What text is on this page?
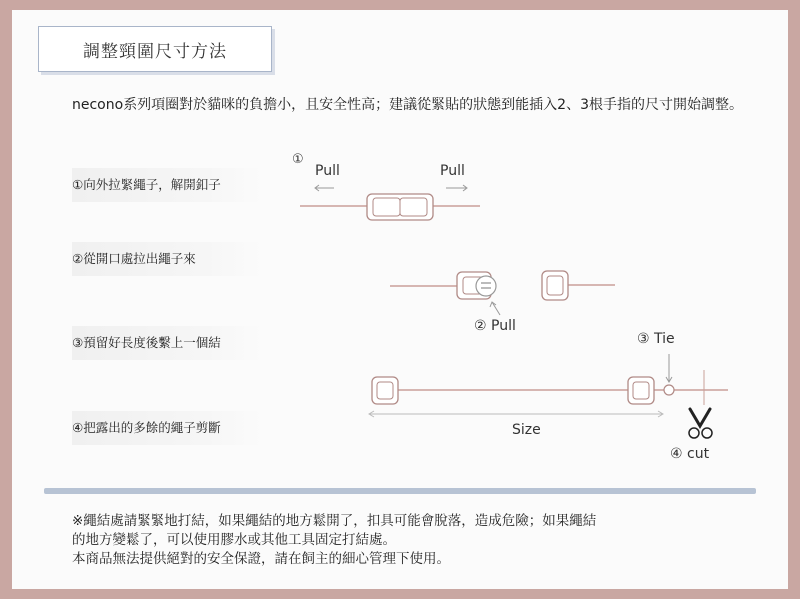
調整頸圍尺寸方法
necono系列項圈對於貓咪的負擔小，且安全性高；建議從緊貼的狀態到能插入2、3根手指的尺寸開始調整。
①向外拉緊繩子，解開釦子
②從開口處拉出繩子來
③預留好長度後繫上一個結
④把露出的多餘的繩子剪斷
①
Pull	Pull
② Pull
③ Tie
Size
④ cut
※繩結處請緊緊地打結，如果繩結的地方鬆開了，扣具可能會脫落，造成危險；如果繩結
的地方變鬆了，可以使用膠水或其他工具固定打結處。
本商品無法提供絕對的安全保證，請在飼主的細心管理下使用。
